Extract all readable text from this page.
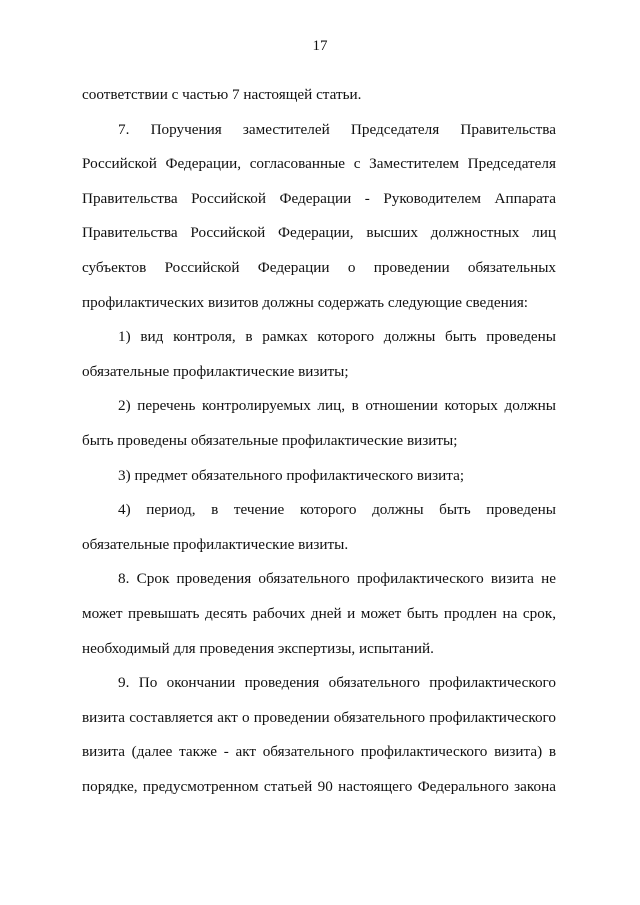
17

соответствии с частью 7 настоящей статьи.

7. Поручения заместителей Председателя Правительства
Российской Федерации, согласованные с Заместителем Председателя
Правительства Российской Федерации - Руководителем Аппарата
Правительства Российской Федерации, высших должностных лиц
субъектов Российской Федерации о проведении обязательных
профилактических визитов должны содержать следующие сведения:

1) вид контроля, в рамках которого должны быть проведены
обязательные профилактические визиты;

2) перечень контролируемых лиц, в отношении которых должны
быть проведены обязательные профилактические визиты;

3) предмет обязательного профилактического визита;

4) период, в течение которого должны быть проведены
обязательные профилактические визиты.

8. Срок проведения обязательного профилактического визита не
может превышать десять рабочих дней и может быть продлен на срок,
необходимый для проведения экспертизы, испытаний.

9. По окончании проведения обязательного профилактического
визита составляется акт о проведении обязательного профилактического
визита (далее также - акт обязательного профилактического визита) в
порядке, предусмотренном статьей 90 настоящего Федерального закона
